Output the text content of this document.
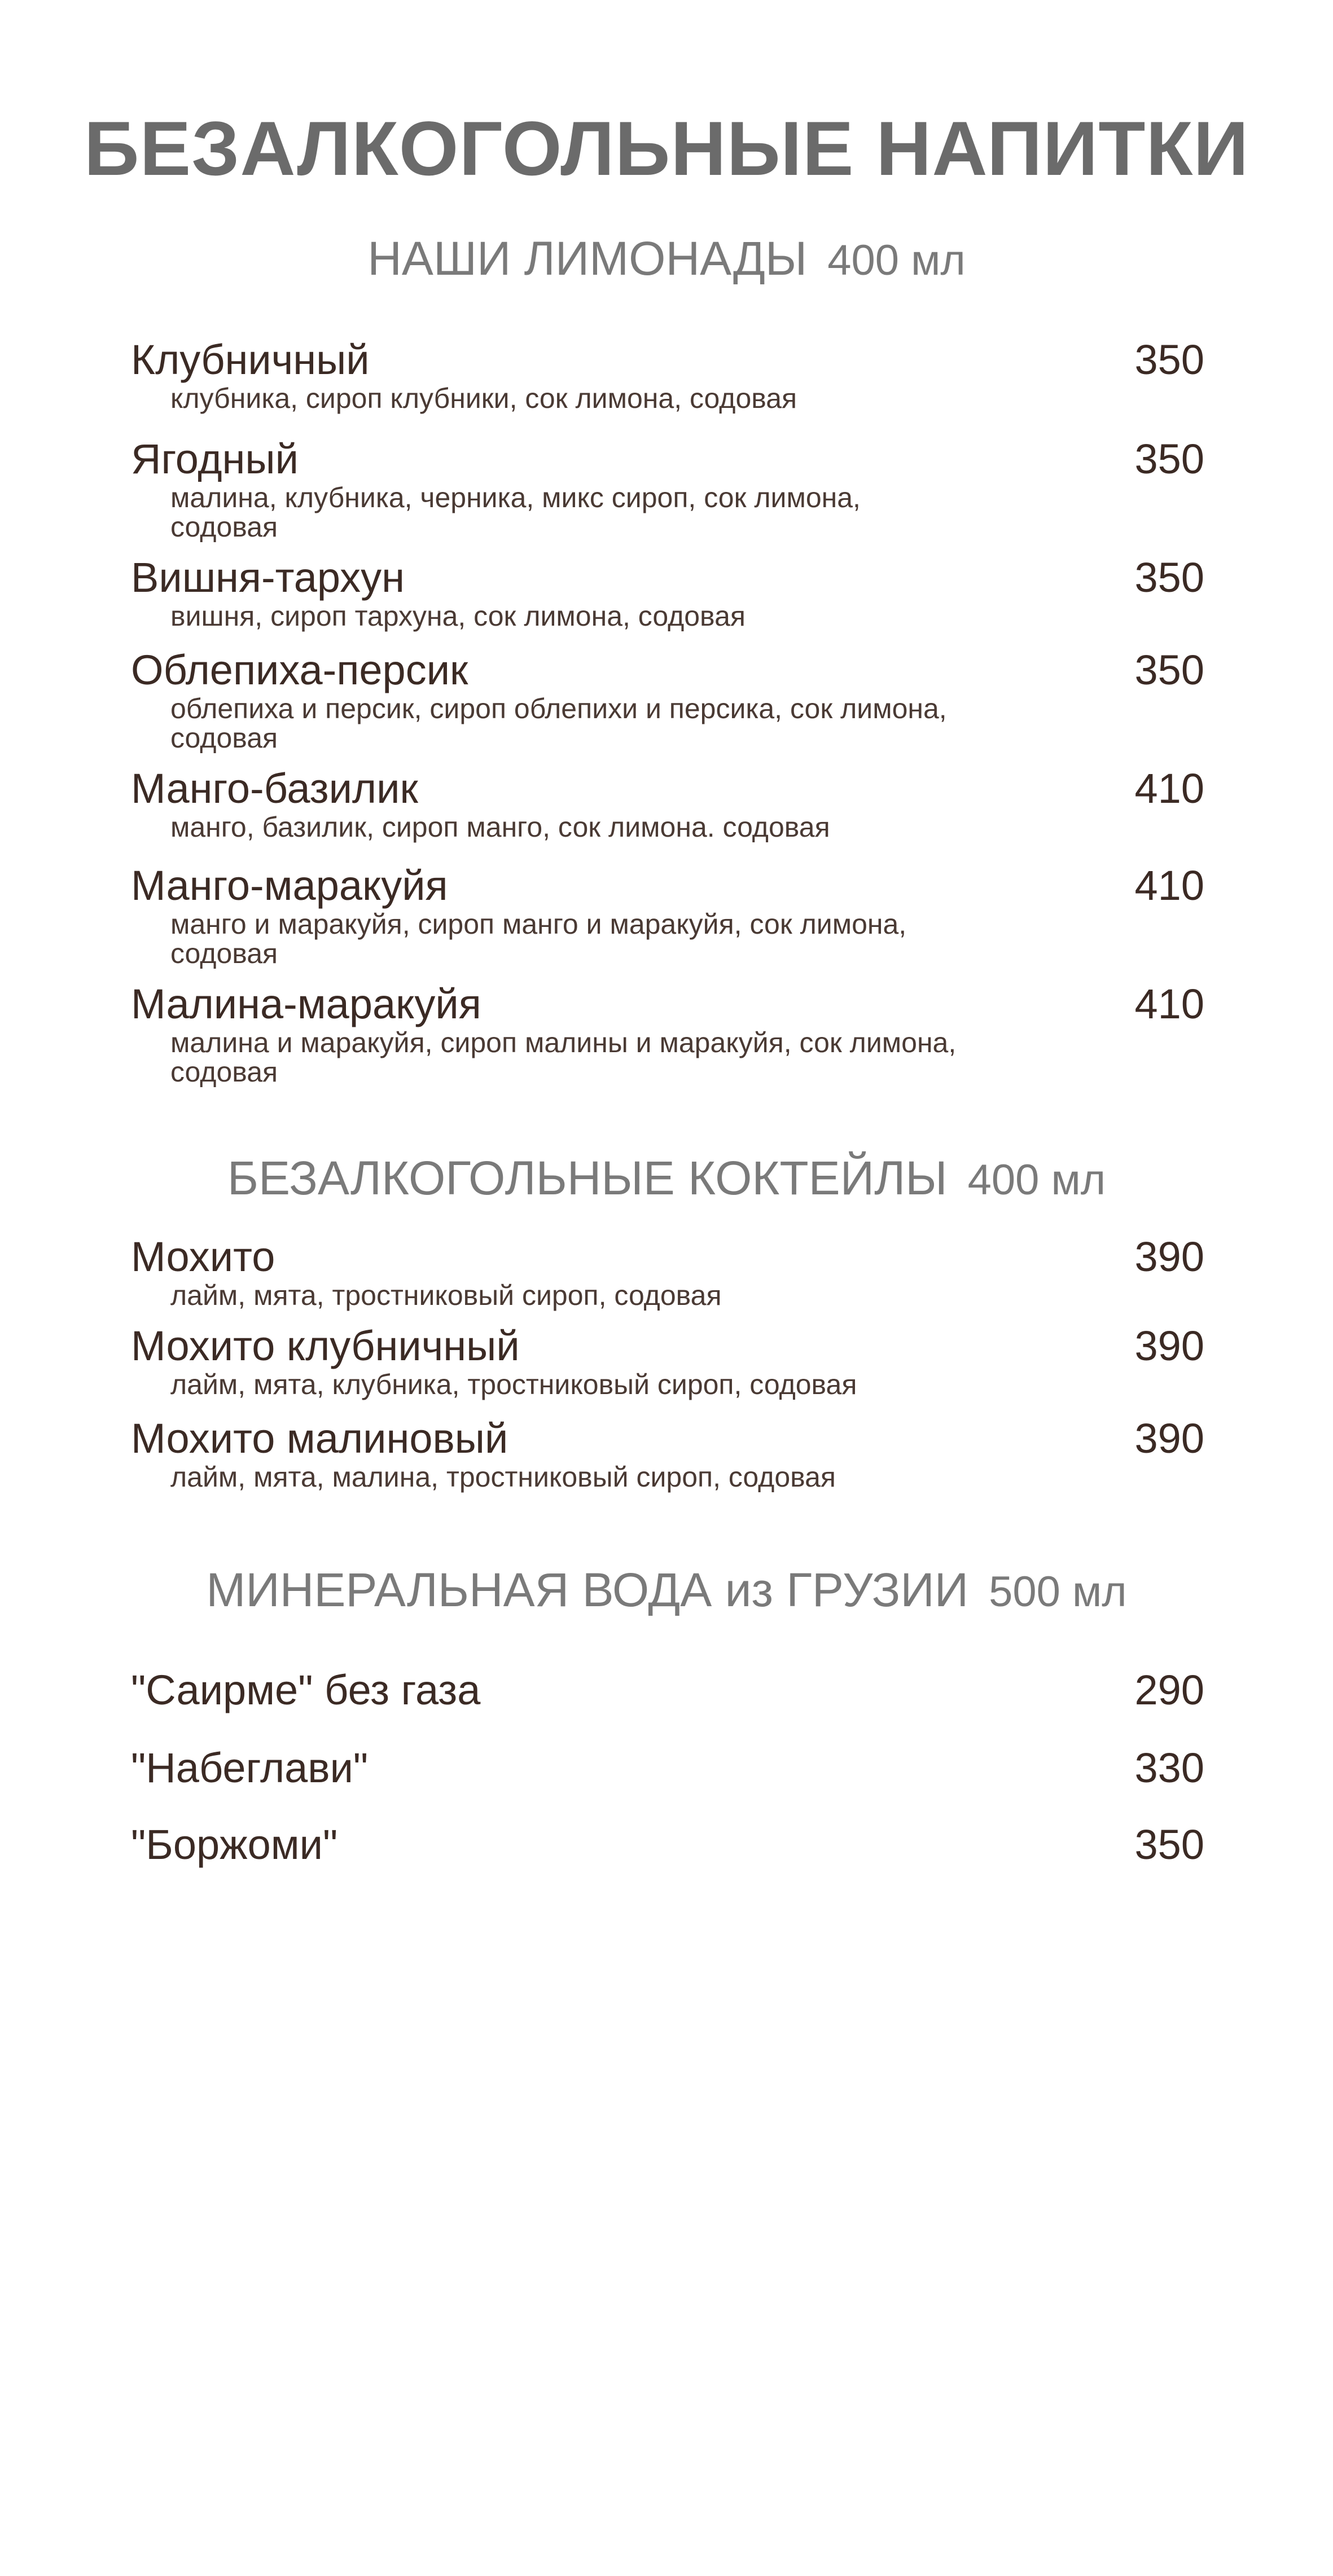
БЕЗАЛКОГОЛЬНЫЕ НАПИТКИ
НАШИ ЛИМОНАДЫ 400 мл
Клубничный	350
клубника, сироп клубники, сок лимона, содовая
Ягодный	350
малина, клубника, черника, микс сироп, сок лимона, содовая
Вишня-тархун	350
вишня, сироп тархуна, сок лимона, содовая
Облепиха-персик	350
облепиха и персик, сироп облепихи и персика, сок лимона, содовая
Манго-базилик	410
манго, базилик, сироп манго, сок лимона. содовая
Манго-маракуйя	410
манго и маракуйя, сироп манго и маракуйя, сок лимона, содовая
Малина-маракуйя	410
малина и маракуйя, сироп малины и маракуйя, сок лимона, содовая
БЕЗАЛКОГОЛЬНЫЕ КОКТЕЙЛЫ 400 мл
Мохито	390
лайм, мята, тростниковый сироп, содовая
Мохито клубничный	390
лайм, мята, клубника, тростниковый сироп, содовая
Мохито малиновый	390
лайм, мята, малина, тростниковый сироп, содовая
МИНЕРАЛЬНАЯ ВОДА из ГРУЗИИ 500 мл
"Саирме" без газа	290
"Набеглави"	330
"Боржоми"	350
